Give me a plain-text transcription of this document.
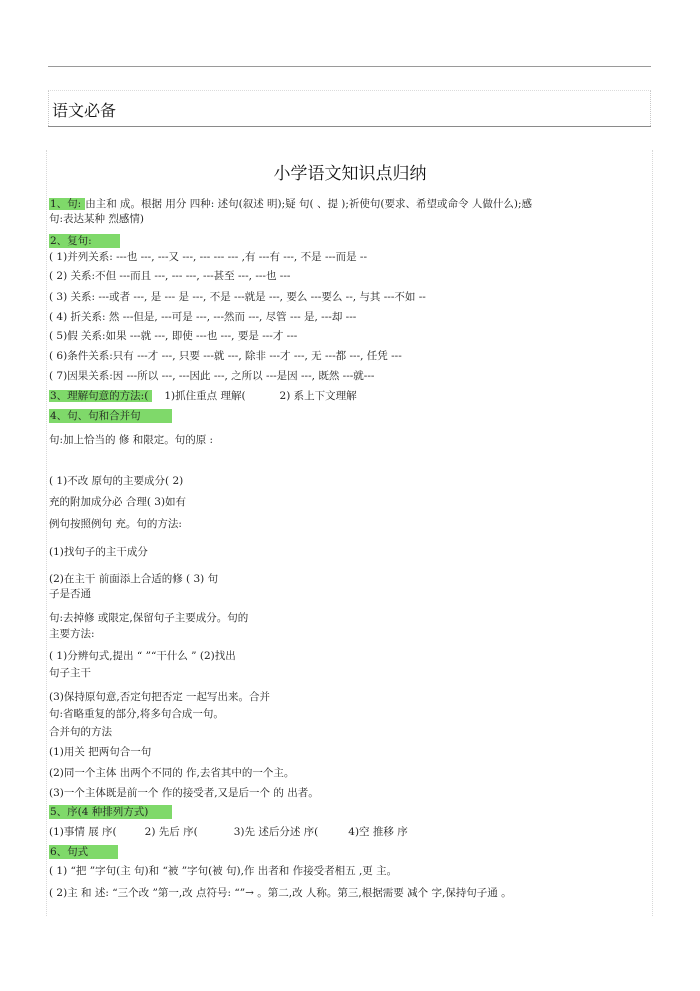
语文必备
小学语文知识点归纳
1、句: 由主和 成。根据 用分 四种: 述句(叙述 明);疑 句( 、提 );祈使句(要求、希望或命令 人做什么);感
句:表达某种 烈感情)
2、复句:
( 1)并列关系: ---也 ---, ---又 ---, --- --- --- ,有 ---有 ---, 不是 ---而是 --
( 2) 关系:不但 ---而且 ---, --- ---, ---甚至 ---, ---也 ---
( 3) 关系: ---或者 ---, 是 --- 是 ---, 不是 ---就是 ---, 要么 ---要么 --, 与其 ---不如 --
( 4) 折关系: 然 ---但是, ---可是 ---, ---然而 ---, 尽管 --- 是, ---却 ---
( 5)假 关系:如果 ---就 ---, 即使 ---也 ---, 要是 ---才 ---
( 6)条件关系:只有 ---才 ---, 只要 ---就 ---, 除非 ---才 ---, 无 ---都 ---, 任凭 ---
( 7)因果关系:因 ---所以 ---, ---因此 ---, 之所以 ---是因 ---, 既然 ---就---
3、理解句意的方法:( 1)抓住重点 理解(	2) 系上下文理解
4、句、句和合并句
句:加上恰当的 修 和限定。句的原 :
( 1)不改 原句的主要成分( 2)
充的附加成分必 合理( 3)如有
例句按照例句 充。句的方法:
(1)找句子的主干成分
(2)在主干 前面添上合适的修 ( 3) 句
子是否通
句:去掉修 或限定,保留句子主要成分。句的
主要方法:
( 1)分辨句式,提出 “ ”“干什么 ” (2)找出
句子主干
(3)保持原句意,否定句把否定 一起写出来。合并
句:省略重复的部分,将多句合成一句。
合并句的方法
(1)用关 把两句合一句
(2)同一个主体 出两个不同的 作,去省其中的一个主。
(3)一个主体既是前一个 作的接受者,又是后一个 的 出者。
5、序(4 种排列方式)
(1)事情 展 序(	2) 先后 序(	3)先 述后分述 序(	4)空 推移 序
6、句式
( 1) “把 ”字句(主 句)和 “被 ”字句(被 句),作 出者和 作接受者相五 ,更 主。
( 2)主 和 述: “三个改 ”第一,改 点符号: “”→ 。第二,改 人称。第三,根据需要 减个 字,保持句子通 。
